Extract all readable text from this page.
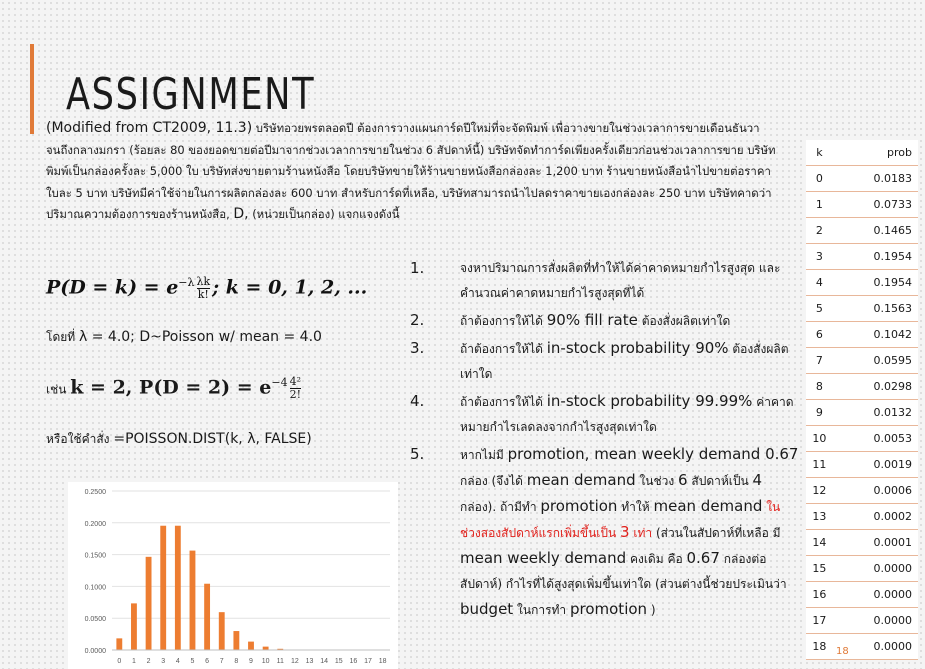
ASSIGNMENT
(Modified from CT2009, 11.3) บริษัทอวยพรตลอดปี ต้องการวางแผนการ์ดปีใหม่ที่จะจัดพิมพ์ เพื่อวางขายในช่วงเวลาการขายเดือนธันวาจนถึงกลางมกรา (ร้อยละ 80 ของยอดขายต่อปีมาจากช่วงเวลาการขายในช่วง 6 สัปดาห์นี้) บริษัทจัดทำการ์ดเพียงครั้งเดียวก่อนช่วงเวลาการขาย บริษัทพิมพ์เป็นกล่องครั้งละ 5,000 ใบ บริษัทส่งขายตามร้านหนังสือ โดยบริษัทขายให้ร้านขายหนังสือกล่องละ 1,200 บาท ร้านขายหนังสือนำไปขายต่อราคาใบละ 5 บาท บริษัทมีค่าใช้จ่ายในการผลิตกล่องละ 600 บาท สำหรับการ์ดที่เหลือ, บริษัทสามารถนำไปลดราคาขายเองกล่องละ 250 บาท บริษัทคาดว่าปริมาณความต้องการของร้านหนังสือ, D, (หน่วยเป็นกล่อง) แจกแจงดังนี้
$P(D = k) = e^{-\lambda} \frac{\lambda k}{k!}$ ; k = 0, 1, 2, ...
โดยที่ λ = 4.0; D~Poisson w/ mean = 4.0
เช่น k = 2, $P(D = 2) = e^{-4} \frac{\text{4²}}{2!}$
หรือใช้คำสั่ง =POISSON.DIST(k, λ, FALSE)
1.	จงหาปริมาณการสั่งผลิตที่ทำให้ได้ค่าคาดหมายกำไรสูงสุด และคำนวณค่าคาดหมายกำไรสูงสุดที่ได้
2.	ถ้าต้องการให้ได้ 90% fill rate ต้องสั่งผลิตเท่าใด
3.	ถ้าต้องการให้ได้ in-stock probability 90% ต้องสั่งผลิตเท่าใด
4.	ถ้าต้องการให้ได้ in-stock probability 99.99% ค่าคาดหมายกำไรเลดลงจากกำไรสูงสุดเท่าใด
5.	หากไม่มี promotion, mean weekly demand 0.67 กล่อง (จึงได้ mean demand ในช่วง 6 สัปดาห์เป็น 4 กล่อง). ถ้ามีทำ promotion ทำให้ mean demand ในช่วงสองสัปดาห์แรกเพิ่มขึ้นเป็น 3 เท่า (ส่วนในสัปดาห์ที่เหลือ มี mean weekly demand คงเดิม คือ 0.67 กล่องต่อสัปดาห์) กำไรที่ได้สูงสุดเพิ่มขึ้นเท่าใด (ส่วนต่างนี้ช่วยประเมินว่า budget ในการทำ promotion )
k	prob
0	0.0183
1	0.0733
2	0.1465
3	0.1954
4	0.1954
5	0.1563
6	0.1042
7	0.0595
8	0.0298
9	0.0132
10	0.0053
11	0.0019
12	0.0006
13	0.0002
14	0.0001
15	0.0000
16	0.0000
17	0.0000
18	0.0000
0.0000
0.0500
0.1000
0.1500
0.2000
0.2500
0 1 2 3 4 5 6 7 8 9 10 11 12 13 14 15 16 17 18
18
